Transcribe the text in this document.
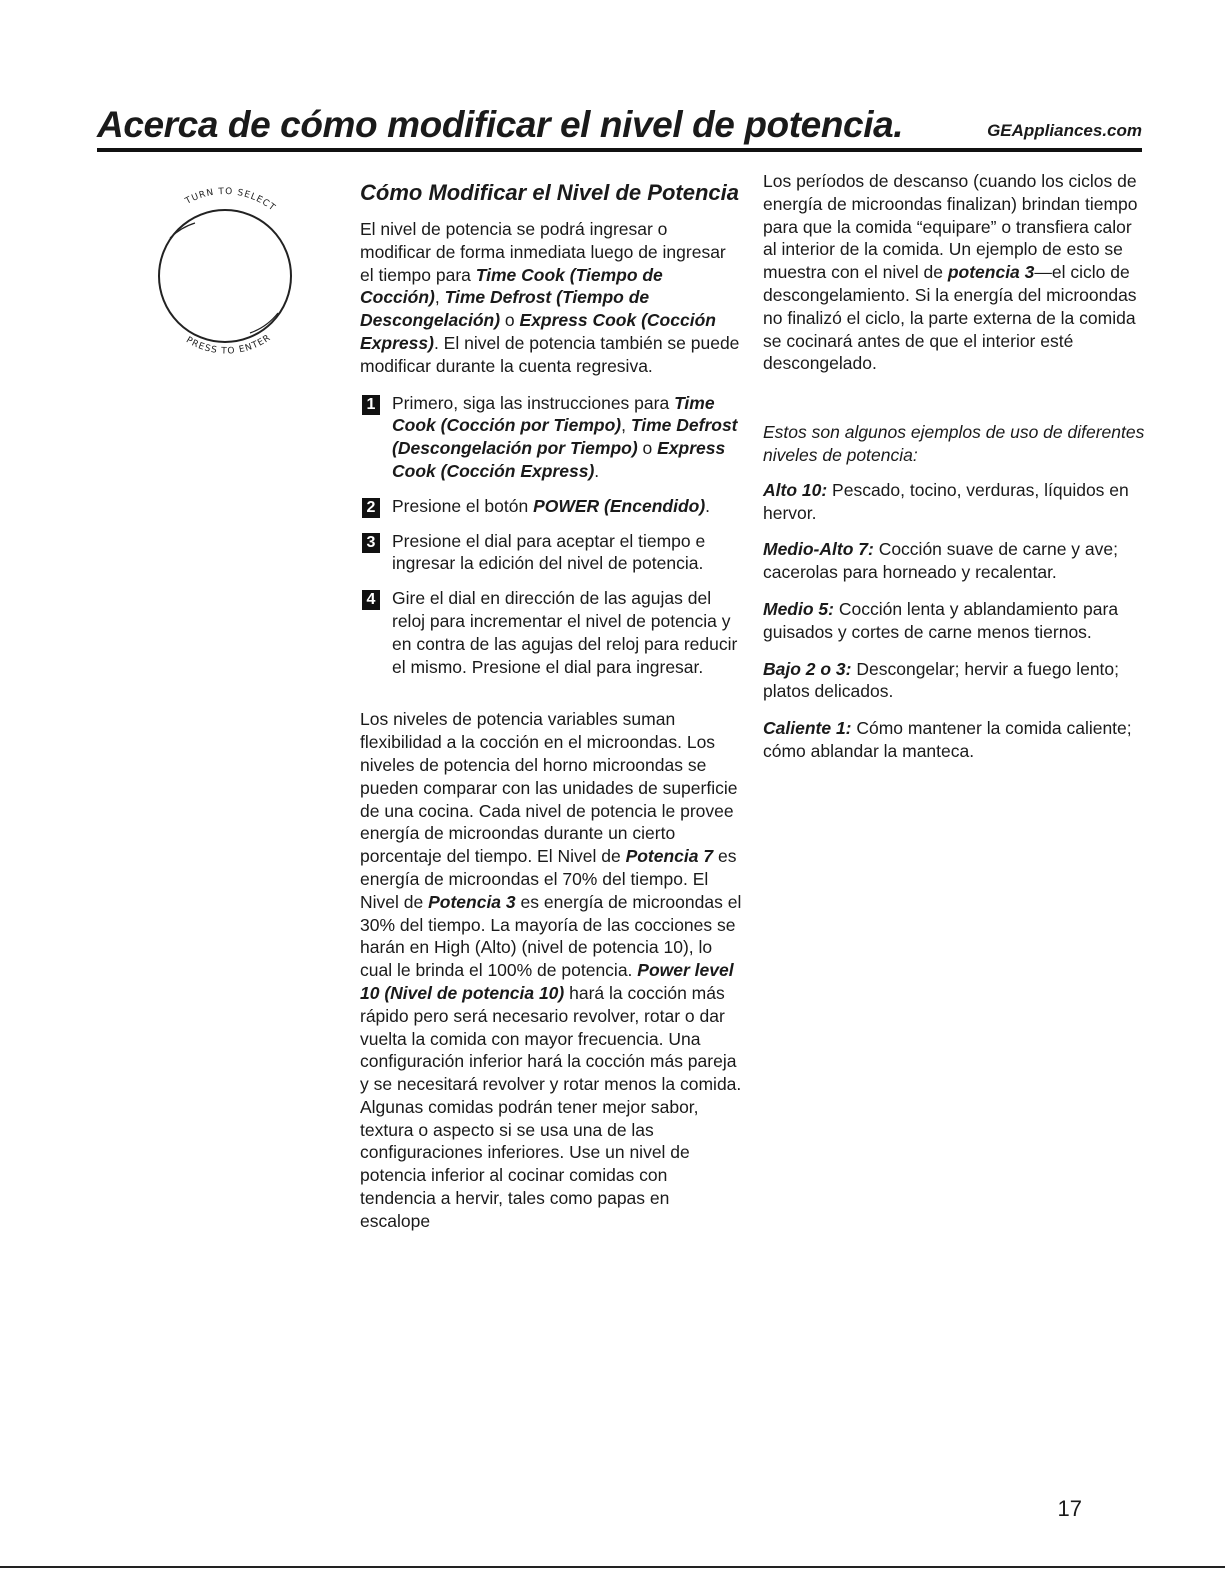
Acerca de cómo modificar el nivel de potencia.	GEAppliances.com
TURN TO SELECT
PRESS TO ENTER

Cómo Modificar el Nivel de Potencia

El nivel de potencia se podrá ingresar o modificar de forma inmediata luego de ingresar el tiempo para Time Cook (Tiempo de Cocción), Time Defrost (Tiempo de Descongelación) o Express Cook (Cocción Express). El nivel de potencia también se puede modificar durante la cuenta regresiva.

1 Primero, siga las instrucciones para Time Cook (Cocción por Tiempo), Time Defrost (Descongelación por Tiempo) o Express Cook (Cocción Express).

2 Presione el botón POWER (Encendido).

3 Presione el dial para aceptar el tiempo e ingresar la edición del nivel de potencia.

4 Gire el dial en dirección de las agujas del reloj para incrementar el nivel de potencia y en contra de las agujas del reloj para reducir el mismo. Presione el dial para ingresar.

Los niveles de potencia variables suman flexibilidad a la cocción en el microondas. Los niveles de potencia del horno microondas se pueden comparar con las unidades de superficie de una cocina. Cada nivel de potencia le provee energía de microondas durante un cierto porcentaje del tiempo. El Nivel de Potencia 7 es energía de microondas el 70% del tiempo. El Nivel de Potencia 3 es energía de microondas el 30% del tiempo. La mayoría de las cocciones se harán en High (Alto) (nivel de potencia 10), lo cual le brinda el 100% de potencia. Power level 10 (Nivel de potencia 10) hará la cocción más rápido pero será necesario revolver, rotar o dar vuelta la comida con mayor frecuencia. Una configuración inferior hará la cocción más pareja y se necesitará revolver y rotar menos la comida. Algunas comidas podrán tener mejor sabor, textura o aspecto si se usa una de las configuraciones inferiores. Use un nivel de potencia inferior al cocinar comidas con tendencia a hervir, tales como papas en escalope

Los períodos de descanso (cuando los ciclos de energía de microondas finalizan) brindan tiempo para que la comida “equipare” o transfiera calor al interior de la comida. Un ejemplo de esto se muestra con el nivel de potencia 3—el ciclo de descongelamiento. Si la energía del microondas no finalizó el ciclo, la parte externa de la comida se cocinará antes de que el interior esté descongelado.

Estos son algunos ejemplos de uso de diferentes niveles de potencia:

Alto 10: Pescado, tocino, verduras, líquidos en hervor.

Medio-Alto 7: Cocción suave de carne y ave; cacerolas para horneado y recalentar.

Medio 5: Cocción lenta y ablandamiento para guisados y cortes de carne menos tiernos.

Bajo 2 o 3: Descongelar; hervir a fuego lento; platos delicados.

Caliente 1: Cómo mantener la comida caliente; cómo ablandar la manteca.

17
